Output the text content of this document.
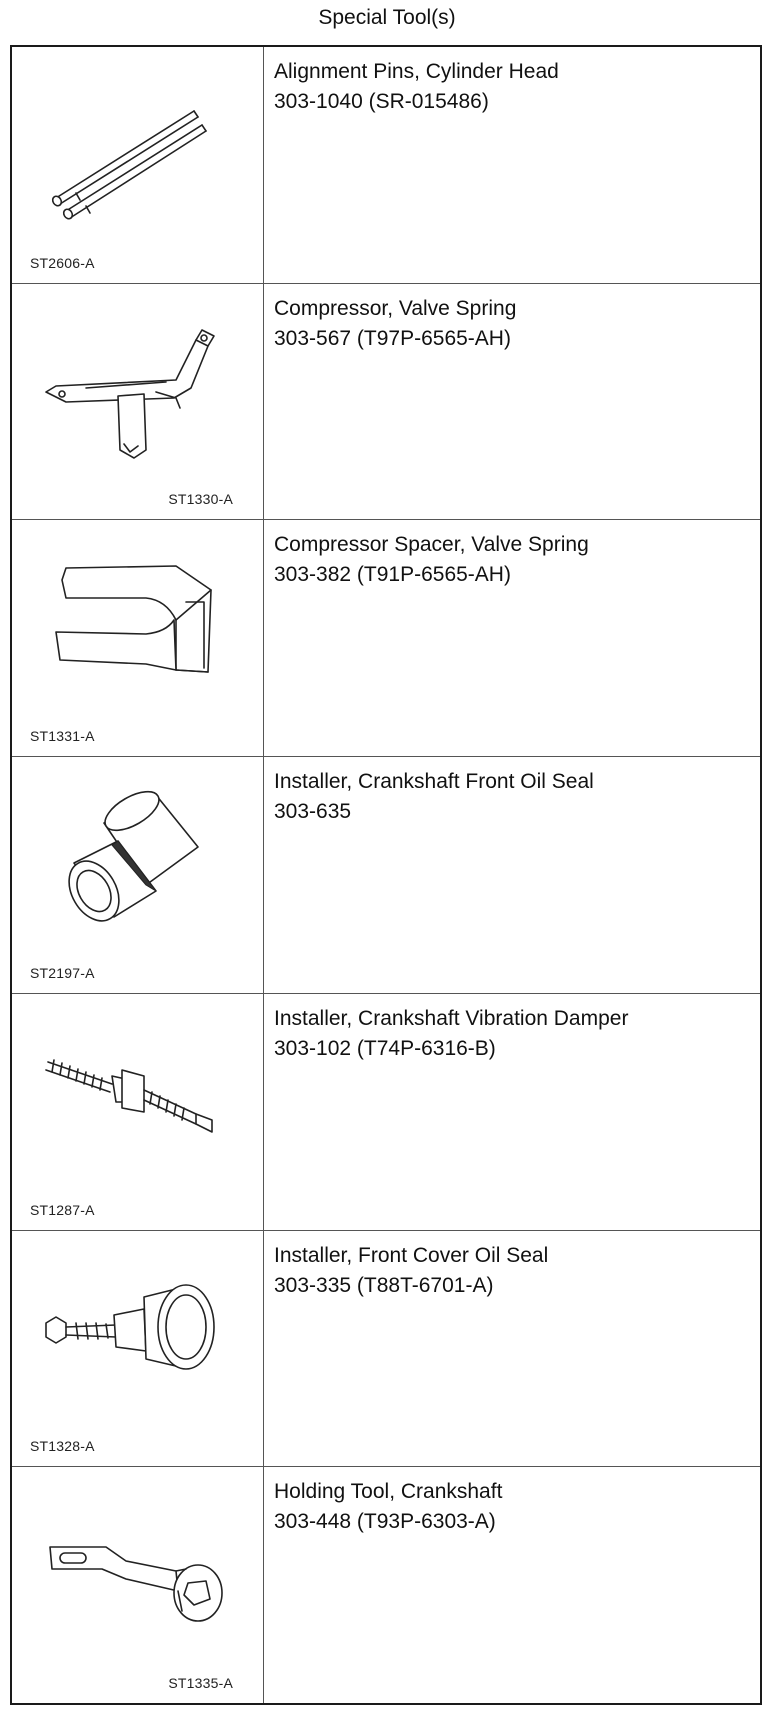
Special Tool(s)
ST2606-A
Alignment Pins, Cylinder Head
303-1040 (SR-015486)
ST1330-A
Compressor, Valve Spring
303-567 (T97P-6565-AH)
ST1331-A
Compressor Spacer, Valve Spring
303-382 (T91P-6565-AH)
ST2197-A
Installer, Crankshaft Front Oil Seal
303-635
ST1287-A
Installer, Crankshaft Vibration Damper
303-102 (T74P-6316-B)
ST1328-A
Installer, Front Cover Oil Seal
303-335 (T88T-6701-A)
ST1335-A
Holding Tool, Crankshaft
303-448 (T93P-6303-A)
